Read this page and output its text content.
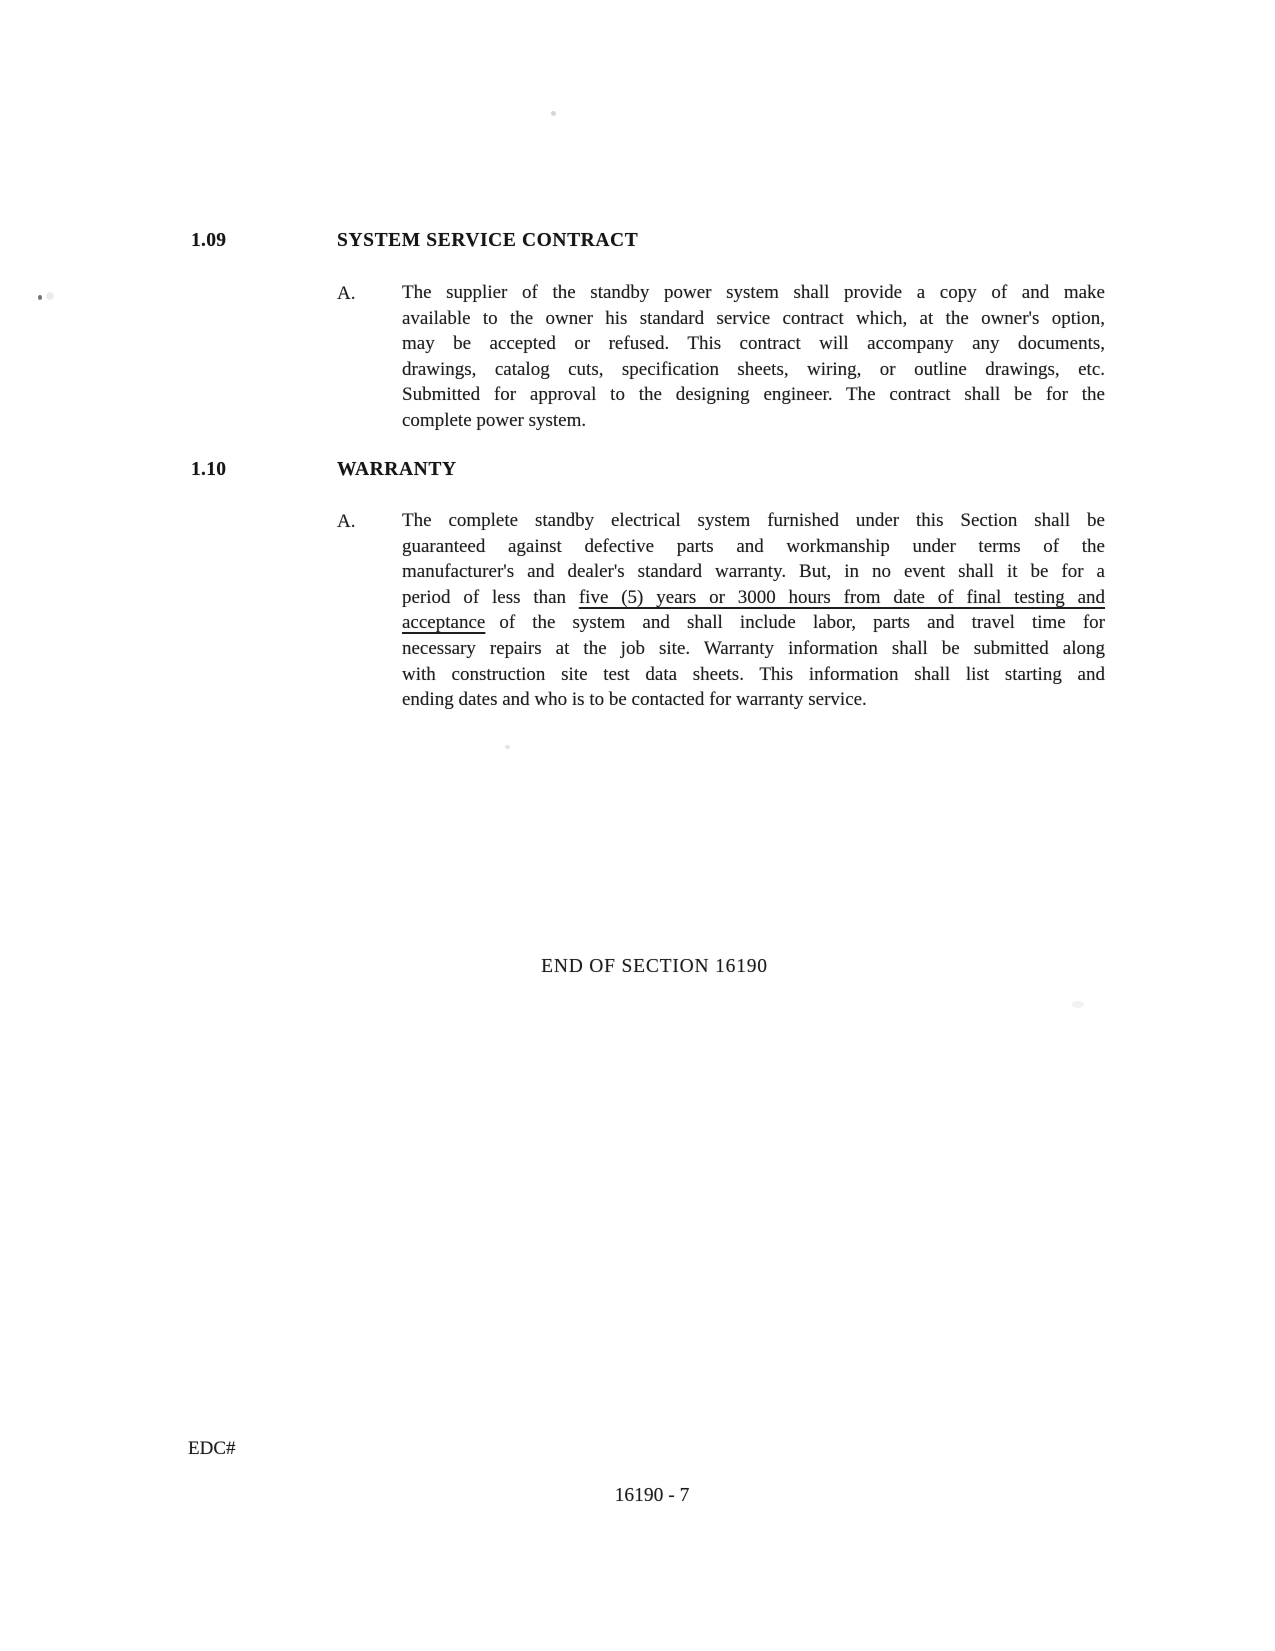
1.09	SYSTEM SERVICE CONTRACT
A. The supplier of the standby power system shall provide a copy of and make
available to the owner his standard service contract which, at the owner's option,
may be accepted or refused. This contract will accompany any documents,
drawings, catalog cuts, specification sheets, wiring, or outline drawings, etc.
Submitted for approval to the designing engineer. The contract shall be for the
complete power system.
1.10	WARRANTY
A. The complete standby electrical system furnished under this Section shall be
guaranteed against defective parts and workmanship under terms of the
manufacturer's and dealer's standard warranty. But, in no event shall it be for a
period of less than five (5) years or 3000 hours from date of final testing and
acceptance of the system and shall include labor, parts and travel time for
necessary repairs at the job site. Warranty information shall be submitted along
with construction site test data sheets. This information shall list starting and
ending dates and who is to be contacted for warranty service.
END OF SECTION 16190
EDC#
16190 - 7
